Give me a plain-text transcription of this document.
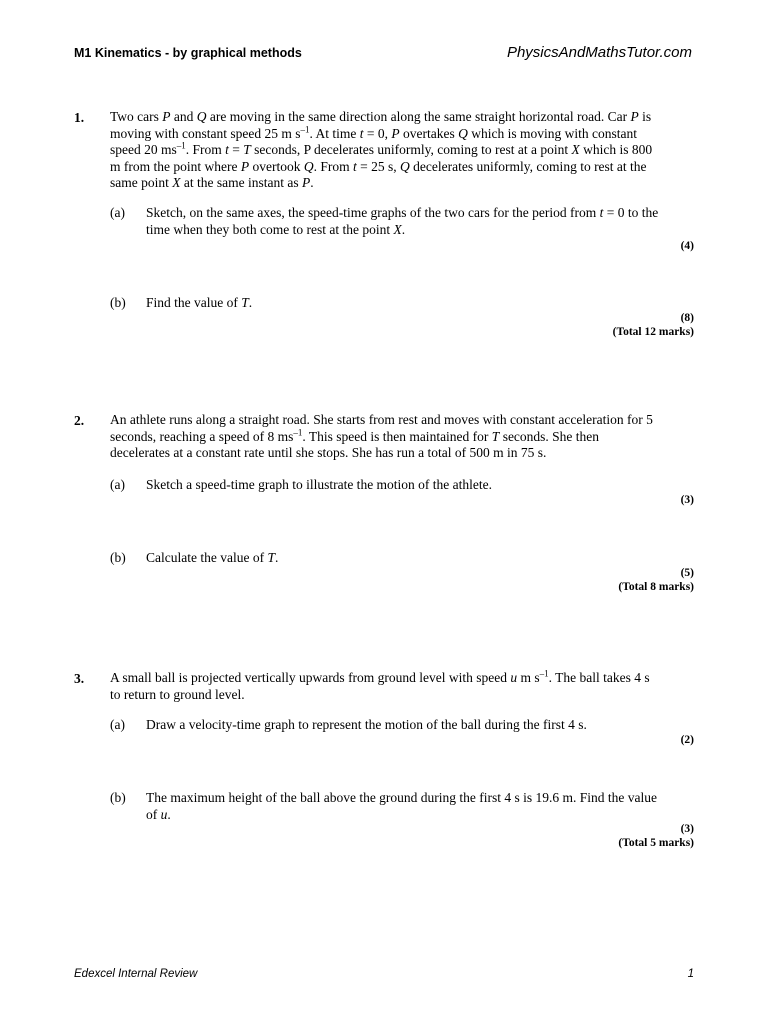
M1 Kinematics - by graphical methods	PhysicsAndMathsTutor.com
1. Two cars P and Q are moving in the same direction along the same straight horizontal road. Car P is moving with constant speed 25 m $s^{-1}$. At time t = 0, P overtakes Q which is moving with constant speed 20 $ms^{-1}$. From t = T seconds, P decelerates uniformly, coming to rest at a point X which is 800 m from the point where P overtook Q. From t = 25 s, Q decelerates uniformly, coming to rest at the same point X at the same instant as P.
(a) Sketch, on the same axes, the speed-time graphs of the two cars for the period from t = 0 to the time when they both come to rest at the point X.
(4)
(b) Find the value of T.
(8)
(Total 12 marks)
2. An athlete runs along a straight road. She starts from rest and moves with constant acceleration for 5 seconds, reaching a speed of 8 $ms^{-1}$. This speed is then maintained for T seconds. She then decelerates at a constant rate until she stops. She has run a total of 500 m in 75 s.
(a) Sketch a speed-time graph to illustrate the motion of the athlete.
(3)
(b) Calculate the value of T.
(5)
(Total 8 marks)
3. A small ball is projected vertically upwards from ground level with speed u m $s^{-1}$. The ball takes 4 s to return to ground level.
(a) Draw a velocity-time graph to represent the motion of the ball during the first 4 s.
(2)
(b) The maximum height of the ball above the ground during the first 4 s is 19.6 m. Find the value of u.
(3)
(Total 5 marks)
Edexcel Internal Review	1
